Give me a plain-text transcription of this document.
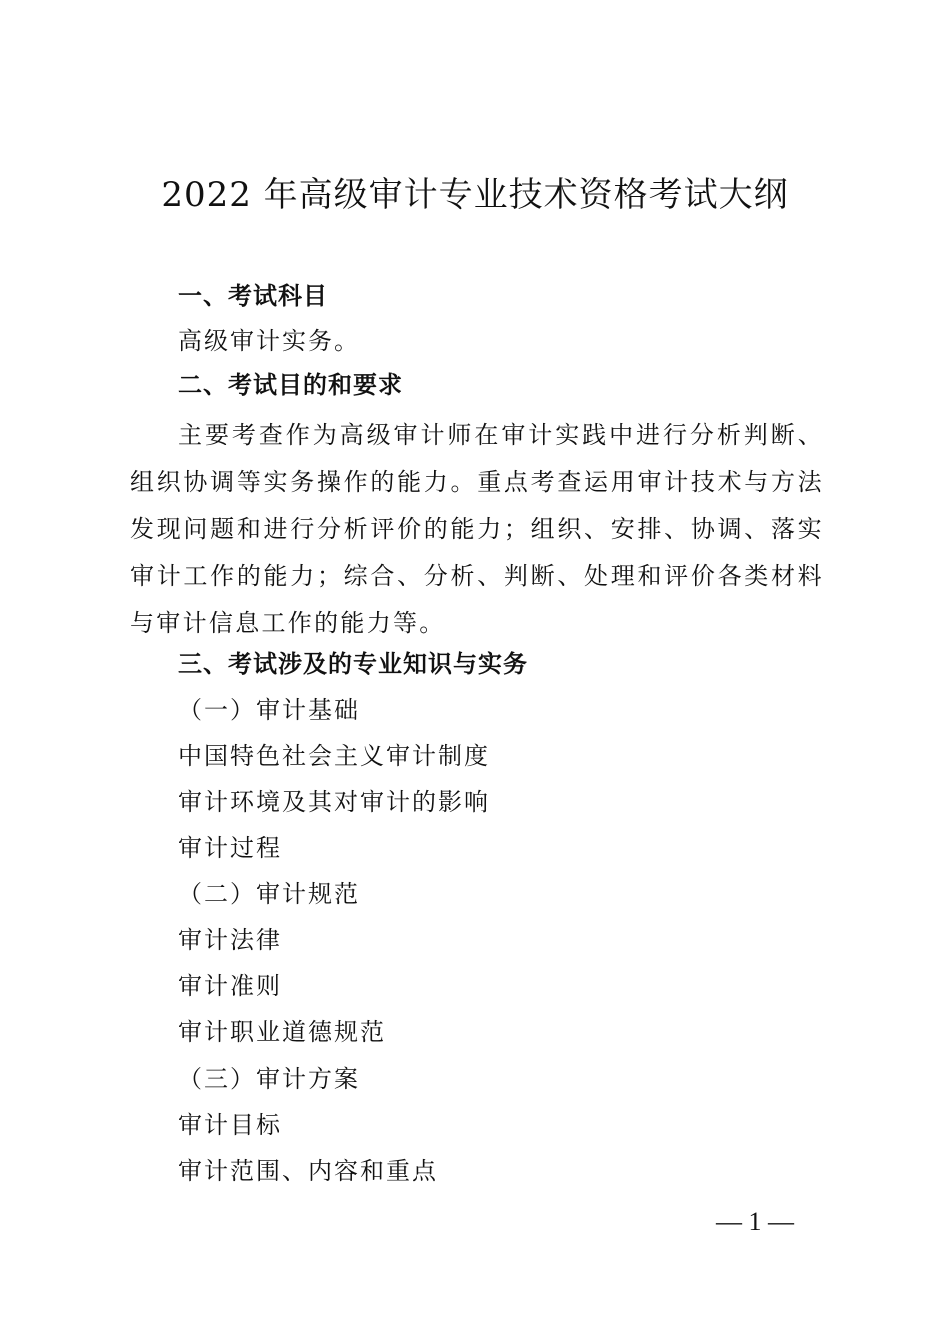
2022 年高级审计专业技术资格考试大纲
一、考试科目
高级审计实务。
二、考试目的和要求
主要考查作为高级审计师在审计实践中进行分析判断、组织协调等实务操作的能力。重点考查运用审计技术与方法发现问题和进行分析评价的能力；组织、安排、协调、落实审计工作的能力；综合、分析、判断、处理和评价各类材料与审计信息工作的能力等。
三、考试涉及的专业知识与实务
（一）审计基础
中国特色社会主义审计制度
审计环境及其对审计的影响
审计过程
（二）审计规范
审计法律
审计准则
审计职业道德规范
（三）审计方案
审计目标
审计范围、内容和重点
— 1 —
